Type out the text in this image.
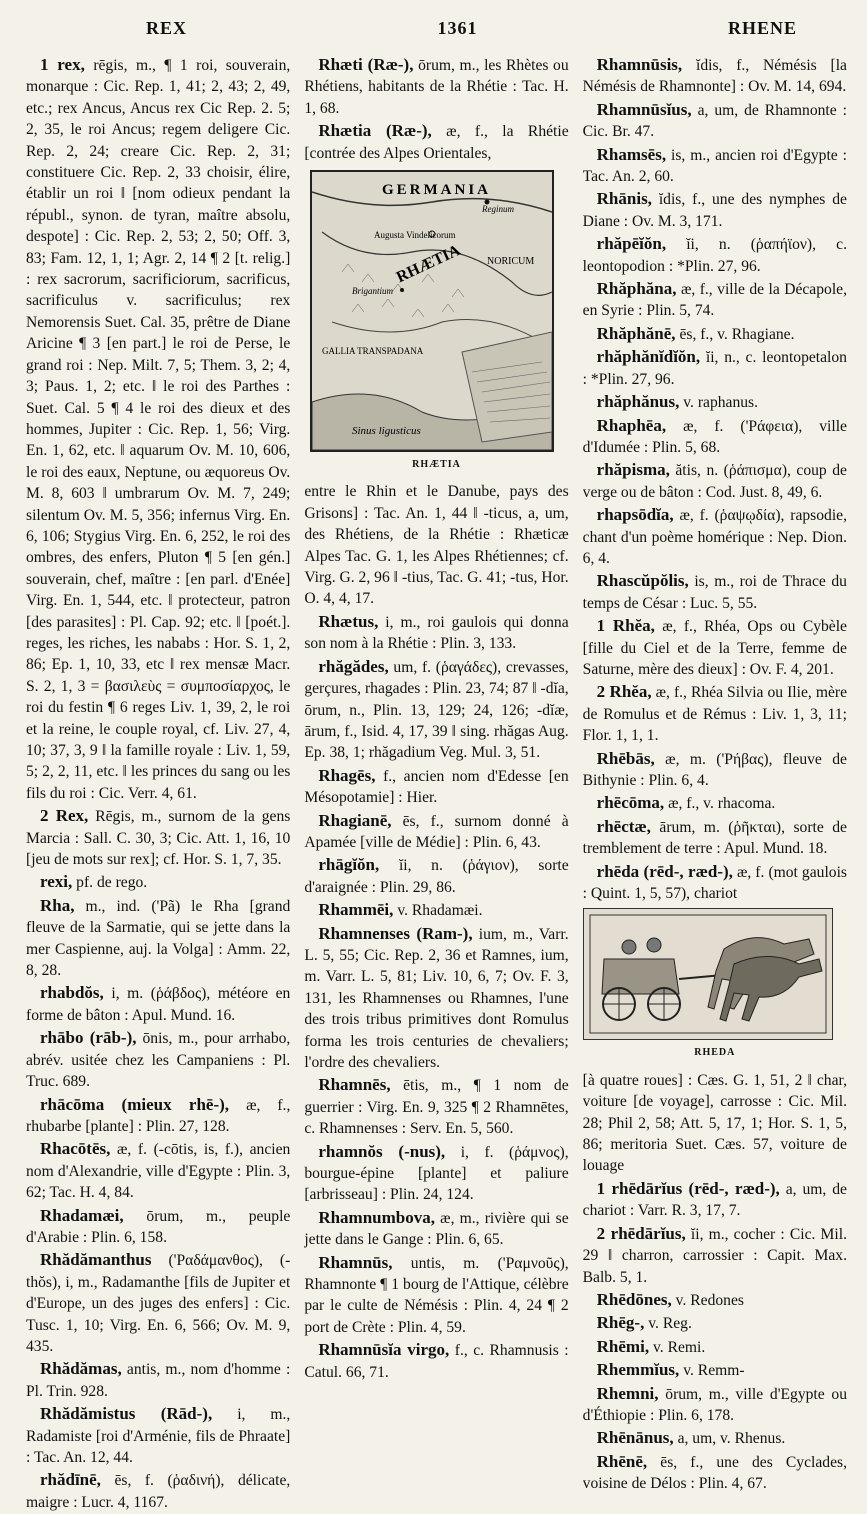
REX	1361	RHENE

1 rex, rēgis, m., ¶ 1 roi, souverain, monarque : Cic. Rep. 1, 41; 2, 43; 2, 49, etc.; rex Ancus, Ancus rex Cic Rep. 2. 5; 2, 35, le roi Ancus; regem deligere Cic. Rep. 2, 24; creare Cic. Rep. 2, 31; constituere Cic. Rep. 2, 33 choisir, élire, établir un roi ‖ [nom odieux pendant la républ., synon. de tyran, maître absolu, despote] : Cic. Rep. 2, 53; 2, 50; Off. 3, 83; Fam. 12, 1, 1; Agr. 2, 14 ¶ 2 [t. relig.] : rex sacrorum, sacrificiorum, sacrificus, sacrificulus v. sacrificulus; rex Nemorensis Suet. Cal. 35, prêtre de Diane Aricine ¶ 3 [en part.] le roi de Perse, le grand roi : Nep. Milt. 7, 5; Them. 3, 2; 4, 3; Paus. 1, 2; etc. ‖ le roi des Parthes : Suet. Cal. 5 ¶ 4 le roi des dieux et des hommes, Jupiter : Cic. Rep. 1, 56; Virg. En. 1, 62, etc. ‖ aquarum Ov. M. 10, 606, le roi des eaux, Neptune, ou æquoreus Ov. M. 8, 603 ‖ umbrarum Ov. M. 7, 249; silentum Ov. M. 5, 356; infernus Virg. En. 6, 106; Stygius Virg. En. 6, 252, le roi des ombres, des enfers, Pluton ¶ 5 [en gén.] souverain, chef, maître : [en parl. d'Enée] Virg. En. 1, 544, etc. ‖ protecteur, patron [des parasites] : Pl. Cap. 92; etc. ‖ [poét.]. reges, les riches, les nababs : Hor. S. 1, 2, 86; Ep. 1, 10, 33, etc ‖ rex mensæ Macr. S. 2, 1, 3 = βασιλεὺς = συμποσίαρχος, le roi du festin ¶ 6 reges Liv. 1, 39, 2, le roi et la reine, le couple royal, cf. Liv. 27, 4, 10; 37, 3, 9 ‖ la famille royale : Liv. 1, 59, 5; 2, 2, 11, etc. ‖ les princes du sang ou les fils du roi : Cic. Verr. 4, 61.

2 Rex, Rēgis, m., surnom de la gens Marcia : Sall. C. 30, 3; Cic. Att. 1, 16, 10 [jeu de mots sur rex]; cf. Hor. S. 1, 7, 35.

rexi, pf. de rego.

Rha, m., ind. ('Pã) le Rha [grand fleuve de la Sarmatie, qui se jette dans la mer Caspienne, auj. la Volga] : Amm. 22, 8, 28.

rhabdŏs, i, m. (ῥάβδος), météore en forme de bâton : Apul. Mund. 16.

rhābo (rāb-), ōnis, m., pour arrhabo, abrév. usitée chez les Campaniens : Pl. Truc. 689.

rhācōma (mieux rhē-), æ, f., rhubarbe [plante] : Plin. 27, 128.

Rhacōtēs, æ, f. (-cōtis, is, f.), ancien nom d'Alexandrie, ville d'Egypte : Plin. 3, 62; Tac. H. 4, 84.

Rhadamæi, ōrum, m., peuple d'Arabie : Plin. 6, 158.

Rhădămanthus ('Ραδάμανθος), (-thŏs), i, m., Radamanthe [fils de Jupiter et d'Europe, un des juges des enfers] : Cic. Tusc. 1, 10; Virg. En. 6, 566; Ov. M. 9, 435.

Rhădămas, antis, m., nom d'homme : Pl. Trin. 928.

Rhădămistus (Rād-), i, m., Radamiste [roi d'Arménie, fils de Phraate] : Tac. An. 12, 44.

rhădīnē, ēs, f. (ῥαδινή), délicate, maigre : Lucr. 4, 1167.

Rhæti (Ræ-), ōrum, m., les Rhètes ou Rhétiens, habitants de la Rhétie : Tac. H. 1, 68.

Rhætia (Ræ-), æ, f., la Rhétie [contrée des Alpes Orientales,

GERMANIA
Reginum
Augusta Vindelicorum
RHÆTIA
Brigantium
NORICUM
GALLIA TRANSPADANA
Sinus ligusticus
RHÆTIA

entre le Rhin et le Danube, pays des Grisons] : Tac. An. 1, 44 ‖ -ticus, a, um, des Rhétiens, de la Rhétie : Rhæticæ Alpes Tac. G. 1, les Alpes Rhétiennes; cf. Virg. G. 2, 96 ‖ -tius, Tac. G. 41; -tus, Hor. O. 4, 4, 17.

Rhætus, i, m., roi gaulois qui donna son nom à la Rhétie : Plin. 3, 133.

rhăgădes, um, f. (ῥαγάδες), crevasses, gerçures, rhagades : Plin. 23, 74; 87 ‖ -dĭa, ōrum, n., Plin. 13, 129; 24, 126; -dĭæ, ārum, f., Isid. 4, 17, 39 ‖ sing. rhăgas Aug. Ep. 38, 1; rhăgadium Veg. Mul. 3, 51.

Rhagēs, f., ancien nom d'Edesse [en Mésopotamie] : Hier.

Rhagianē, ēs, f., surnom donné à Apamée [ville de Médie] : Plin. 6, 43.

rhāgĭŏn, ĭi, n. (ῥάγιον), sorte d'araignée : Plin. 29, 86.

Rhammēi, v. Rhadamæi.

Rhamnenses (Ram-), ium, m., Varr. L. 5, 55; Cic. Rep. 2, 36 et Ramnes, ium, m. Varr. L. 5, 81; Liv. 10, 6, 7; Ov. F. 3, 131, les Rhamnenses ou Rhamnes, l'une des trois tribus primitives dont Romulus forma les trois centuries de chevaliers; l'ordre des chevaliers.

Rhamnēs, ētis, m., ¶ 1 nom de guerrier : Virg. En. 9, 325 ¶ 2 Rhamnētes, c. Rhamnenses : Serv. En. 5, 560.

rhamnŏs (-nus), i, f. (ῥάμνος), bourgue-épine [plante] et paliure [arbrisseau] : Plin. 24, 124.

Rhamnumbova, æ, m., rivière qui se jette dans le Gange : Plin. 6, 65.

Rhamnūs, untis, m. ('Ραμνοῦς), Rhamnonte ¶ 1 bourg de l'Attique, célèbre par le culte de Némésis : Plin. 4, 24 ¶ 2 port de Crète : Plin. 4, 59.

Rhamnūsĭa virgo, f., c. Rhamnusis : Catul. 66, 71.

Rhamnūsis, ĭdis, f., Némésis [la Némésis de Rhamnonte] : Ov. M. 14, 694.

Rhamnūsĭus, a, um, de Rhamnonte : Cic. Br. 47.

Rhamsēs, is, m., ancien roi d'Egypte : Tac. An. 2, 60.

Rhānis, ĭdis, f., une des nymphes de Diane : Ov. M. 3, 171.

rhăpēĭŏn, ĭi, n. (ῥαπήϊον), c. leontopodion : *Plin. 27, 96.

Rhăphăna, æ, f., ville de la Décapole, en Syrie : Plin. 5, 74.

Rhăphănē, ēs, f., v. Rhagiane.

rhăphănĭdĭŏn, ĭi, n., c. leontopetalon : *Plin. 27, 96.

rhăphănus, v. raphanus.

Rhaphēa, æ, f. ('Ράφεια), ville d'Idumée : Plin. 5, 68.

rhăpisma, ătis, n. (ῥάπισμα), coup de verge ou de bâton : Cod. Just. 8, 49, 6.

rhapsōdĭa, æ, f. (ῥαψῳδία), rapsodie, chant d'un poème homérique : Nep. Dion. 6, 4.

Rhascŭpŏlis, is, m., roi de Thrace du temps de César : Luc. 5, 55.

1 Rhĕa, æ, f., Rhéa, Ops ou Cybèle [fille du Ciel et de la Terre, femme de Saturne, mère des dieux] : Ov. F. 4, 201.

2 Rhĕa, æ, f., Rhéa Silvia ou Ilie, mère de Romulus et de Rémus : Liv. 1, 3, 11; Flor. 1, 1, 1.

Rhēbās, æ, m. ('Ρήβας), fleuve de Bithynie : Plin. 6, 4.

rhēcōma, æ, f., v. rhacoma.

rhēctæ, ārum, m. (ῥῆκται), sorte de tremblement de terre : Apul. Mund. 18.

rhēda (rēd-, ræd-), æ, f. (mot gaulois : Quint. 1, 5, 57), chariot

RHEDA

[à quatre roues] : Cæs. G. 1, 51, 2 ‖ char, voiture [de voyage], carrosse : Cic. Mil. 28; Phil 2, 58; Att. 5, 17, 1; Hor. S. 1, 5, 86; meritoria Suet. Cæs. 57, voiture de louage

1 rhēdārĭus (rēd-, ræd-), a, um, de chariot : Varr. R. 3, 17, 7.

2 rhēdārĭus, ĭi, m., cocher : Cic. Mil. 29 ‖ charron, carrossier : Capit. Max. Balb. 5, 1.

Rhēdōnes, v. Redones

Rhēg-, v. Reg.

Rhēmi, v. Remi.

Rhemmĭus, v. Remm-

Rhemni, ōrum, m., ville d'Egypte ou d'Éthiopie : Plin. 6, 178.

Rhēnānus, a, um, v. Rhenus.

Rhēnē, ēs, f., une des Cyclades, voisine de Délos : Plin. 4, 67.
